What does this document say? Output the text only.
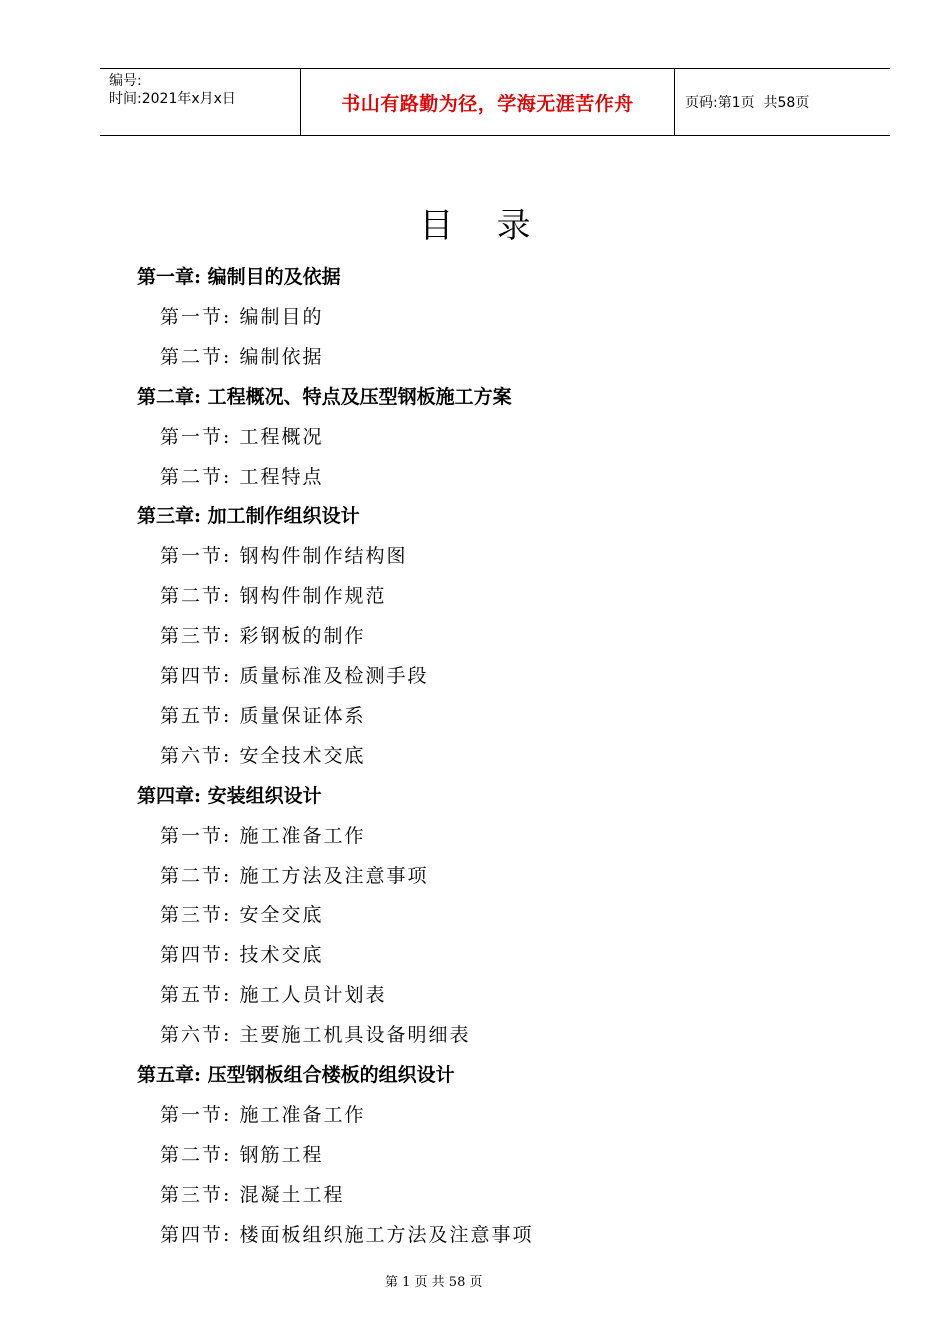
编号:
时间:2021年x月x日	书山有路勤为径，学海无涯苦作舟	页码:第1页  共58页
目    录
第一章: 编制目的及依据
第一节: 编制目的
第二节: 编制依据
第二章: 工程概况、特点及压型钢板施工方案
第一节: 工程概况
第二节: 工程特点
第三章: 加工制作组织设计
第一节: 钢构件制作结构图
第二节: 钢构件制作规范
第三节: 彩钢板的制作
第四节: 质量标准及检测手段
第五节: 质量保证体系
第六节: 安全技术交底
第四章: 安装组织设计
第一节: 施工准备工作
第二节: 施工方法及注意事项
第三节: 安全交底
第四节: 技术交底
第五节: 施工人员计划表
第六节: 主要施工机具设备明细表
第五章: 压型钢板组合楼板的组织设计
第一节: 施工准备工作
第二节: 钢筋工程
第三节: 混凝土工程
第四节: 楼面板组织施工方法及注意事项
第 1 页 共 58 页
